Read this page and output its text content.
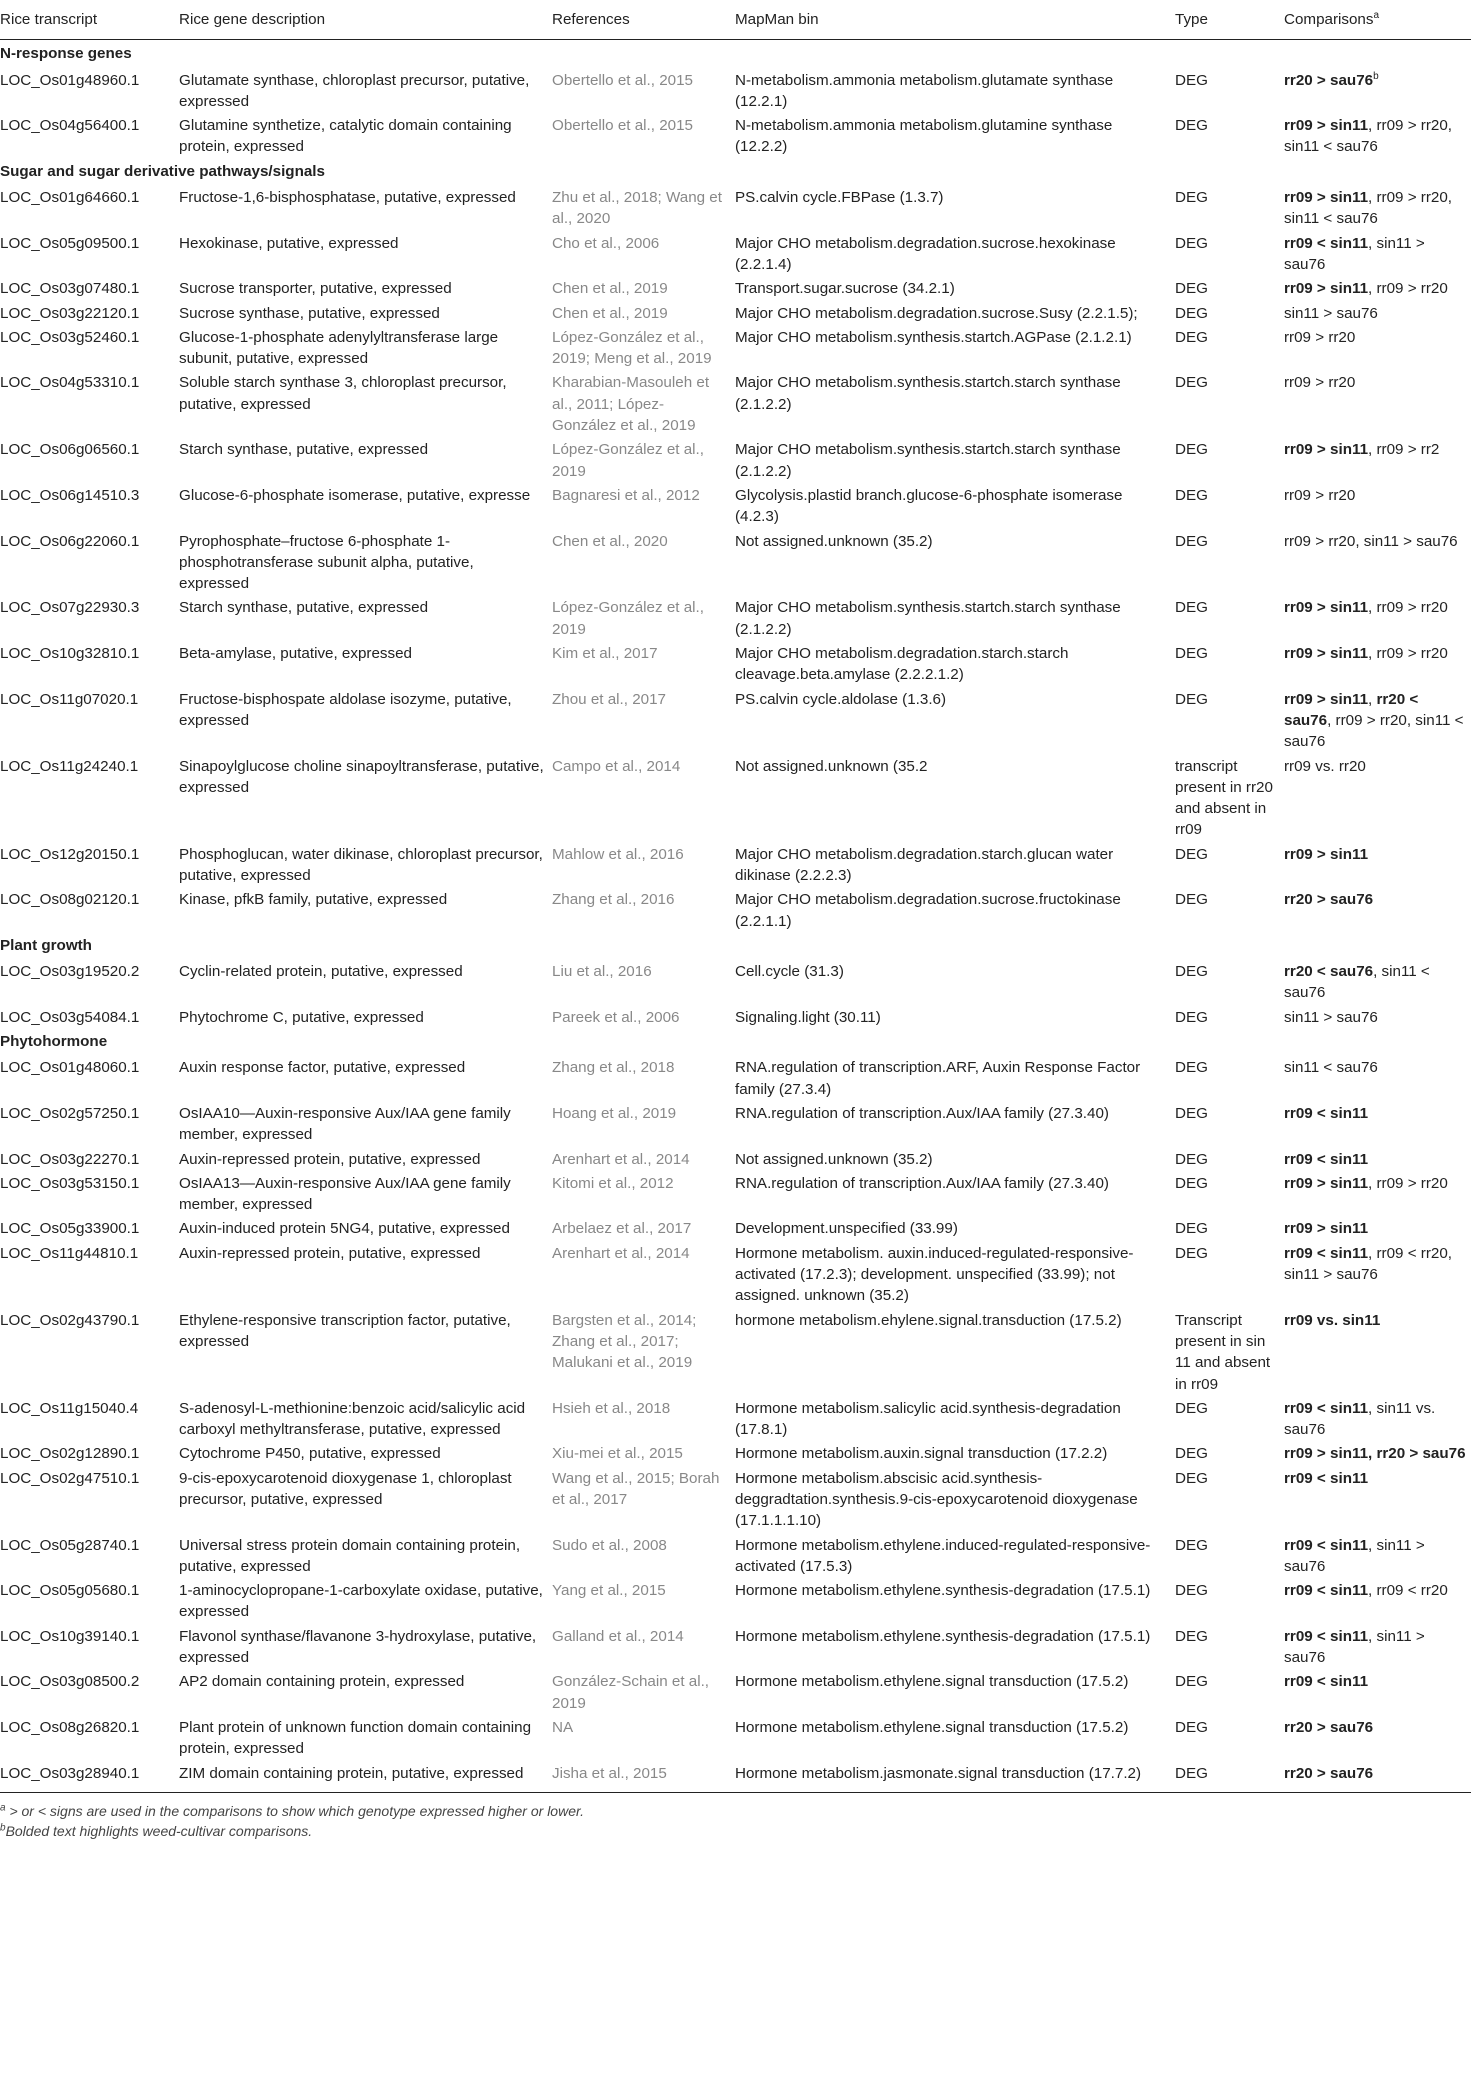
Rice transcript	Rice gene description	References	MapMan bin	Type	Comparisons$^a$
N-response genes					
LOC_Os01g48960.1	Glutamate synthase, chloroplast precursor, putative, expressed	Obertello et al., 2015	N-metabolism.ammonia metabolism.glutamate synthase (12.2.1)	DEG	$rr20 > sau76^b$
LOC_Os04g56400.1	Glutamine synthetize, catalytic domain containing protein, expressed	Obertello et al., 2015	N-metabolism.ammonia metabolism.glutamine synthase (12.2.2)	DEG	rr09 > sin11, rr09 > rr20, sin11 < sau76
Sugar and sugar derivative pathways/signals					
LOC_Os01g64660.1	Fructose-1,6-bisphosphatase, putative, expressed	Zhu et al., 2018; Wang et al., 2020	PS.calvin cycle.FBPase (1.3.7)	DEG	rr09 > sin11, rr09 > rr20, sin11 < sau76
LOC_Os05g09500.1	Hexokinase, putative, expressed	Cho et al., 2006	Major CHO metabolism.degradation.sucrose.hexokinase (2.2.1.4)	DEG	rr09 < sin11, sin11 > sau76
LOC_Os03g07480.1	Sucrose transporter, putative, expressed	Chen et al., 2019	Transport.sugar.sucrose (34.2.1)	DEG	rr09 > sin11, rr09 > rr20
LOC_Os03g22120.1	Sucrose synthase, putative, expressed	Chen et al., 2019	Major CHO metabolism.degradation.sucrose.Susy (2.2.1.5);	DEG	sin11 > sau76
LOC_Os03g52460.1	Glucose-1-phosphate adenylyltransferase large subunit, putative, expressed	López-González et al., 2019; Meng et al., 2019	Major CHO metabolism.synthesis.startch.AGPase (2.1.2.1)	DEG	rr09 > rr20
LOC_Os04g53310.1	Soluble starch synthase 3, chloroplast precursor, putative, expressed	Kharabian-Masouleh et al., 2011; López-González et al., 2019	Major CHO metabolism.synthesis.startch.starch synthase (2.1.2.2)	DEG	rr09 > rr20
LOC_Os06g06560.1	Starch synthase, putative, expressed	López-González et al., 2019	Major CHO metabolism.synthesis.startch.starch synthase (2.1.2.2)	DEG	rr09 > sin11, rr09 > rr2
LOC_Os06g14510.3	Glucose-6-phosphate isomerase, putative, expresse	Bagnaresi et al., 2012	Glycolysis.plastid branch.glucose-6-phosphate isomerase (4.2.3)	DEG	rr09 > rr20
LOC_Os06g22060.1	Pyrophosphate–fructose 6-phosphate 1-phosphotransferase subunit alpha, putative, expressed	Chen et al., 2020	Not assigned.unknown (35.2)	DEG	rr09 > rr20, sin11 > sau76
LOC_Os07g22930.3	Starch synthase, putative, expressed	López-González et al., 2019	Major CHO metabolism.synthesis.startch.starch synthase (2.1.2.2)	DEG	rr09 > sin11, rr09 > rr20
LOC_Os10g32810.1	Beta-amylase, putative, expressed	Kim et al., 2017	Major CHO metabolism.degradation.starch.starch cleavage.beta.amylase (2.2.2.1.2)	DEG	rr09 > sin11, rr09 > rr20
LOC_Os11g07020.1	Fructose-bisphospate aldolase isozyme, putative, expressed	Zhou et al., 2017	PS.calvin cycle.aldolase (1.3.6)	DEG	rr09 > sin11, rr20 < sau76, rr09 > rr20, sin11 < sau76
LOC_Os11g24240.1	Sinapoylglucose choline sinapoyltransferase, putative, expressed	Campo et al., 2014	Not assigned.unknown (35.2	transcript present in rr20 and absent in rr09	rr09 vs. rr20
LOC_Os12g20150.1	Phosphoglucan, water dikinase, chloroplast precursor, putative, expressed	Mahlow et al., 2016	Major CHO metabolism.degradation.starch.glucan water dikinase (2.2.2.3)	DEG	rr09 > sin11
LOC_Os08g02120.1	Kinase, pfkB family, putative, expressed	Zhang et al., 2016	Major CHO metabolism.degradation.sucrose.fructokinase (2.2.1.1)	DEG	rr20 > sau76
Plant growth					
LOC_Os03g19520.2	Cyclin-related protein, putative, expressed	Liu et al., 2016	Cell.cycle (31.3)	DEG	rr20 < sau76, sin11 < sau76
LOC_Os03g54084.1	Phytochrome C, putative, expressed	Pareek et al., 2006	Signaling.light (30.11)	DEG	sin11 > sau76
Phytohormone					
LOC_Os01g48060.1	Auxin response factor, putative, expressed	Zhang et al., 2018	RNA.regulation of transcription.ARF, Auxin Response Factor family (27.3.4)	DEG	sin11 < sau76
LOC_Os02g57250.1	OsIAA10—Auxin-responsive Aux/IAA gene family member, expressed	Hoang et al., 2019	RNA.regulation of transcription.Aux/IAA family (27.3.40)	DEG	rr09 < sin11
LOC_Os03g22270.1	Auxin-repressed protein, putative, expressed	Arenhart et al., 2014	Not assigned.unknown (35.2)	DEG	rr09 < sin11
LOC_Os03g53150.1	OsIAA13—Auxin-responsive Aux/IAA gene family member, expressed	Kitomi et al., 2012	RNA.regulation of transcription.Aux/IAA family (27.3.40)	DEG	rr09 > sin11, rr09 > rr20
LOC_Os05g33900.1	Auxin-induced protein 5NG4, putative, expressed	Arbelaez et al., 2017	Development.unspecified (33.99)	DEG	rr09 > sin11
LOC_Os11g44810.1	Auxin-repressed protein, putative, expressed	Arenhart et al., 2014	Hormone metabolism. auxin.induced-regulated-responsive-activated (17.2.3); development. unspecified (33.99); not assigned. unknown (35.2)	DEG	rr09 < sin11, rr09 < rr20, sin11 > sau76
LOC_Os02g43790.1	Ethylene-responsive transcription factor, putative, expressed	Bargsten et al., 2014; Zhang et al., 2017; Malukani et al., 2019	hormone metabolism.ehylene.signal.transduction (17.5.2)	Transcript present in sin 11 and absent in rr09	rr09 vs. sin11
LOC_Os11g15040.4	S-adenosyl-L-methionine:benzoic acid/salicylic acid carboxyl methyltransferase, putative, expressed	Hsieh et al., 2018	Hormone metabolism.salicylic acid.synthesis-degradation (17.8.1)	DEG	rr09 < sin11, sin11 vs. sau76
LOC_Os02g12890.1	Cytochrome P450, putative, expressed	Xiu-mei et al., 2015	Hormone metabolism.auxin.signal transduction (17.2.2)	DEG	rr09 > sin11, rr20 > sau76
LOC_Os02g47510.1	9-cis-epoxycarotenoid dioxygenase 1, chloroplast precursor, putative, expressed	Wang et al., 2015; Borah et al., 2017	Hormone metabolism.abscisic acid.synthesis-deggradtation.synthesis.9-cis-epoxycarotenoid dioxygenase (17.1.1.1.10)	DEG	rr09 < sin11
LOC_Os05g28740.1	Universal stress protein domain containing protein, putative, expressed	Sudo et al., 2008	Hormone metabolism.ethylene.induced-regulated-responsive-activated (17.5.3)	DEG	rr09 < sin11, sin11 > sau76
LOC_Os05g05680.1	1-aminocyclopropane-1-carboxylate oxidase, putative, expressed	Yang et al., 2015	Hormone metabolism.ethylene.synthesis-degradation (17.5.1)	DEG	rr09 < sin11, rr09 < rr20
LOC_Os10g39140.1	Flavonol synthase/flavanone 3-hydroxylase, putative, expressed	Galland et al., 2014	Hormone metabolism.ethylene.synthesis-degradation (17.5.1)	DEG	rr09 < sin11, sin11 > sau76
LOC_Os03g08500.2	AP2 domain containing protein, expressed	González-Schain et al., 2019	Hormone metabolism.ethylene.signal transduction (17.5.2)	DEG	rr09 < sin11
LOC_Os08g26820.1	Plant protein of unknown function domain containing protein, expressed	NA	Hormone metabolism.ethylene.signal transduction (17.5.2)	DEG	rr20 > sau76
LOC_Os03g28940.1	ZIM domain containing protein, putative, expressed	Jisha et al., 2015	Hormone metabolism.jasmonate.signal transduction (17.7.2)	DEG	rr20 > sau76
$^a$ > or < signs are used in the comparisons to show which genotype expressed higher or lower.
$^b$Bolded text highlights weed-cultivar comparisons.
